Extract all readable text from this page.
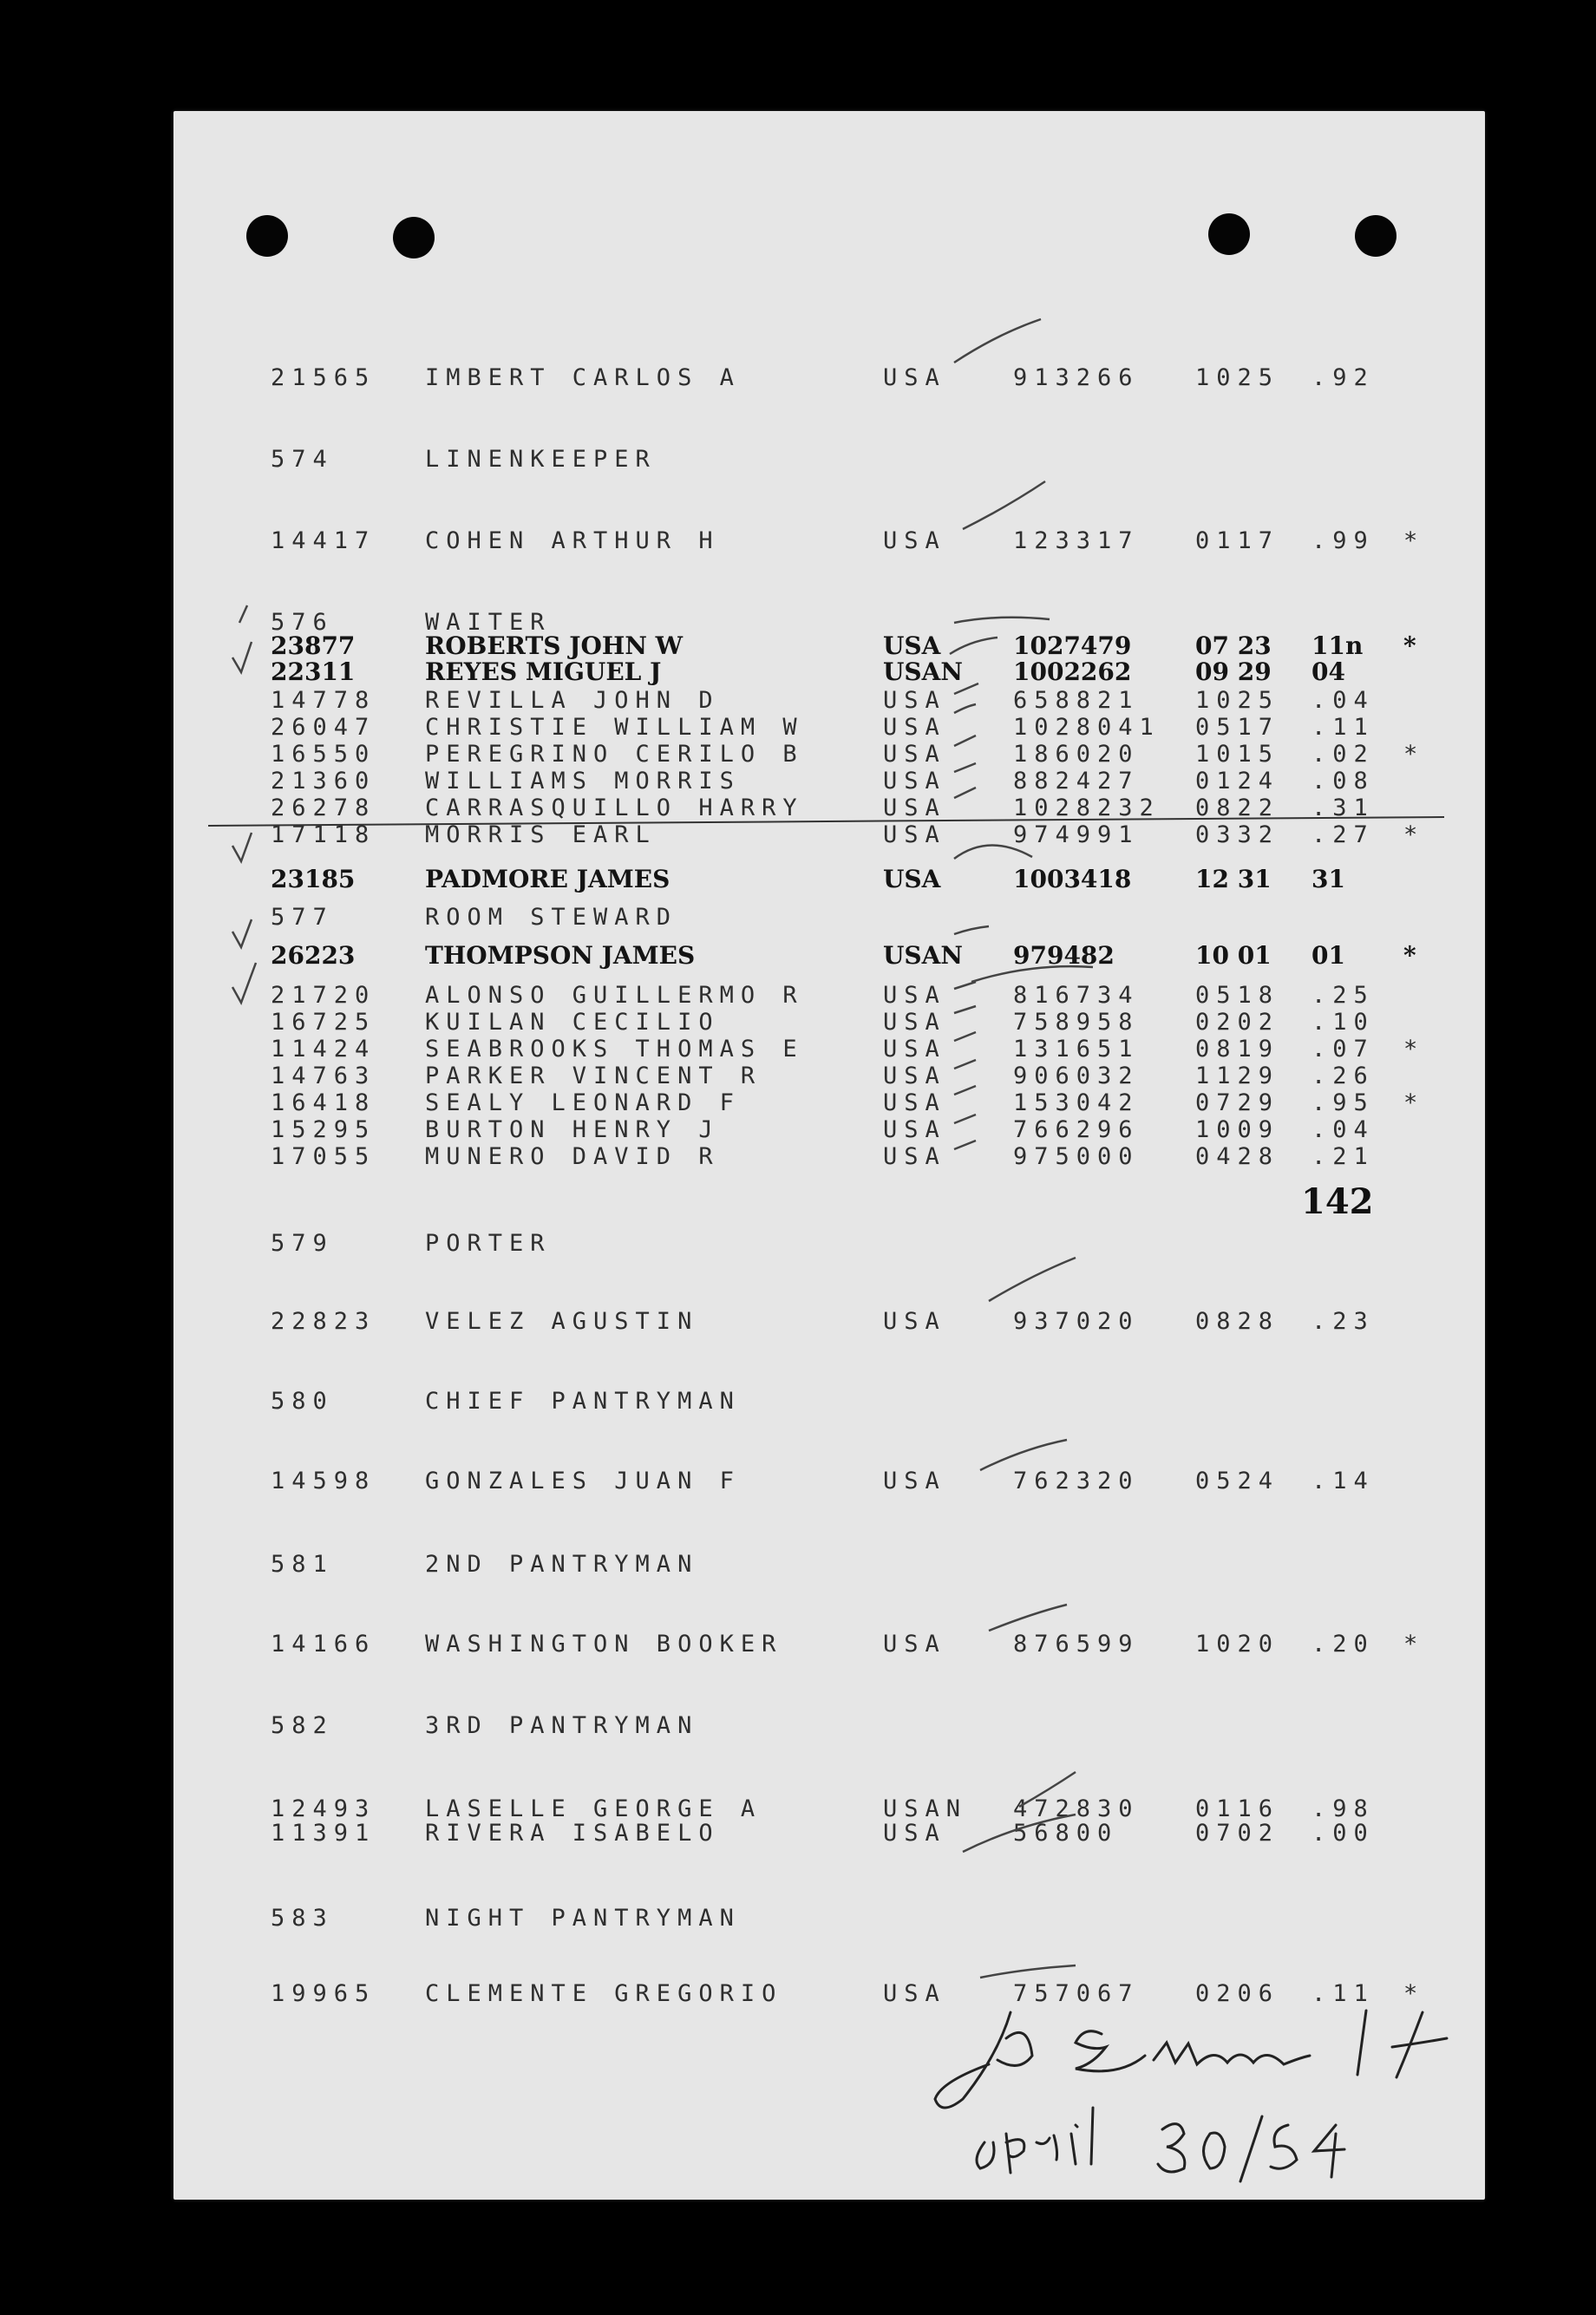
142
21565 IMBERT CARLOS A	USA	913266 1025 .92
574	LINENKEEPER
14417 COHEN ARTHUR H	USA	123317 0117 .99 *
576	WAITER
23877	ROBERTS JOHN W	USA	1027479	07 23 11n *
22311	REYES MIGUEL J	USAN 1002262	09 29 04
14778 REVILLA JOHN D	USA	658821 1025 .04
26047 CHRISTIE WILLIAM W	USA	1028041 0517 .11
16550 PEREGRINO CERILO B	USA	186020 1015 .02 *
21360 WILLIAMS MORRIS	USA	882427 0124 .08
26278 CARRASQUILLO HARRY	USA	1028232 0822 .31
17118 MORRIS EARL	USA	974991 0332 .27 *
23185	PADMORE JAMES	USA	1003418	12 31 31
577	ROOM STEWARD
26223	THOMPSON JAMES	USAN 979482	10 01 01 *
21720 ALONSO GUILLERMO R	USA	816734 0518 .25
16725 KUILAN CECILIO	USA	758958 0202 .10
11424 SEABROOKS THOMAS E	USA	131651 0819 .07 *
14763 PARKER VINCENT R	USA	906032 1129 .26
16418 SEALY LEONARD F	USA	153042 0729 .95 *
15295 BURTON HENRY J	USA	766296 1009 .04
17055 MUNERO DAVID R	USA	975000 0428 .21
579	PORTER
22823 VELEZ AGUSTIN	USA	937020 0828 .23
580	CHIEF PANTRYMAN
14598 GONZALES JUAN F	USA	762320 0524 .14
581	2ND PANTRYMAN
14166 WASHINGTON BOOKER	USA	876599 1020 .20 *
582	3RD PANTRYMAN
12493 LASELLE GEORGE A	USAN 472830 0116 .98
11391 RIVERA ISABELO	USA	56800	0702 .00
583	NIGHT PANTRYMAN
19965 CLEMENTE GREGORIO	USA	757067 0206 .11 *
